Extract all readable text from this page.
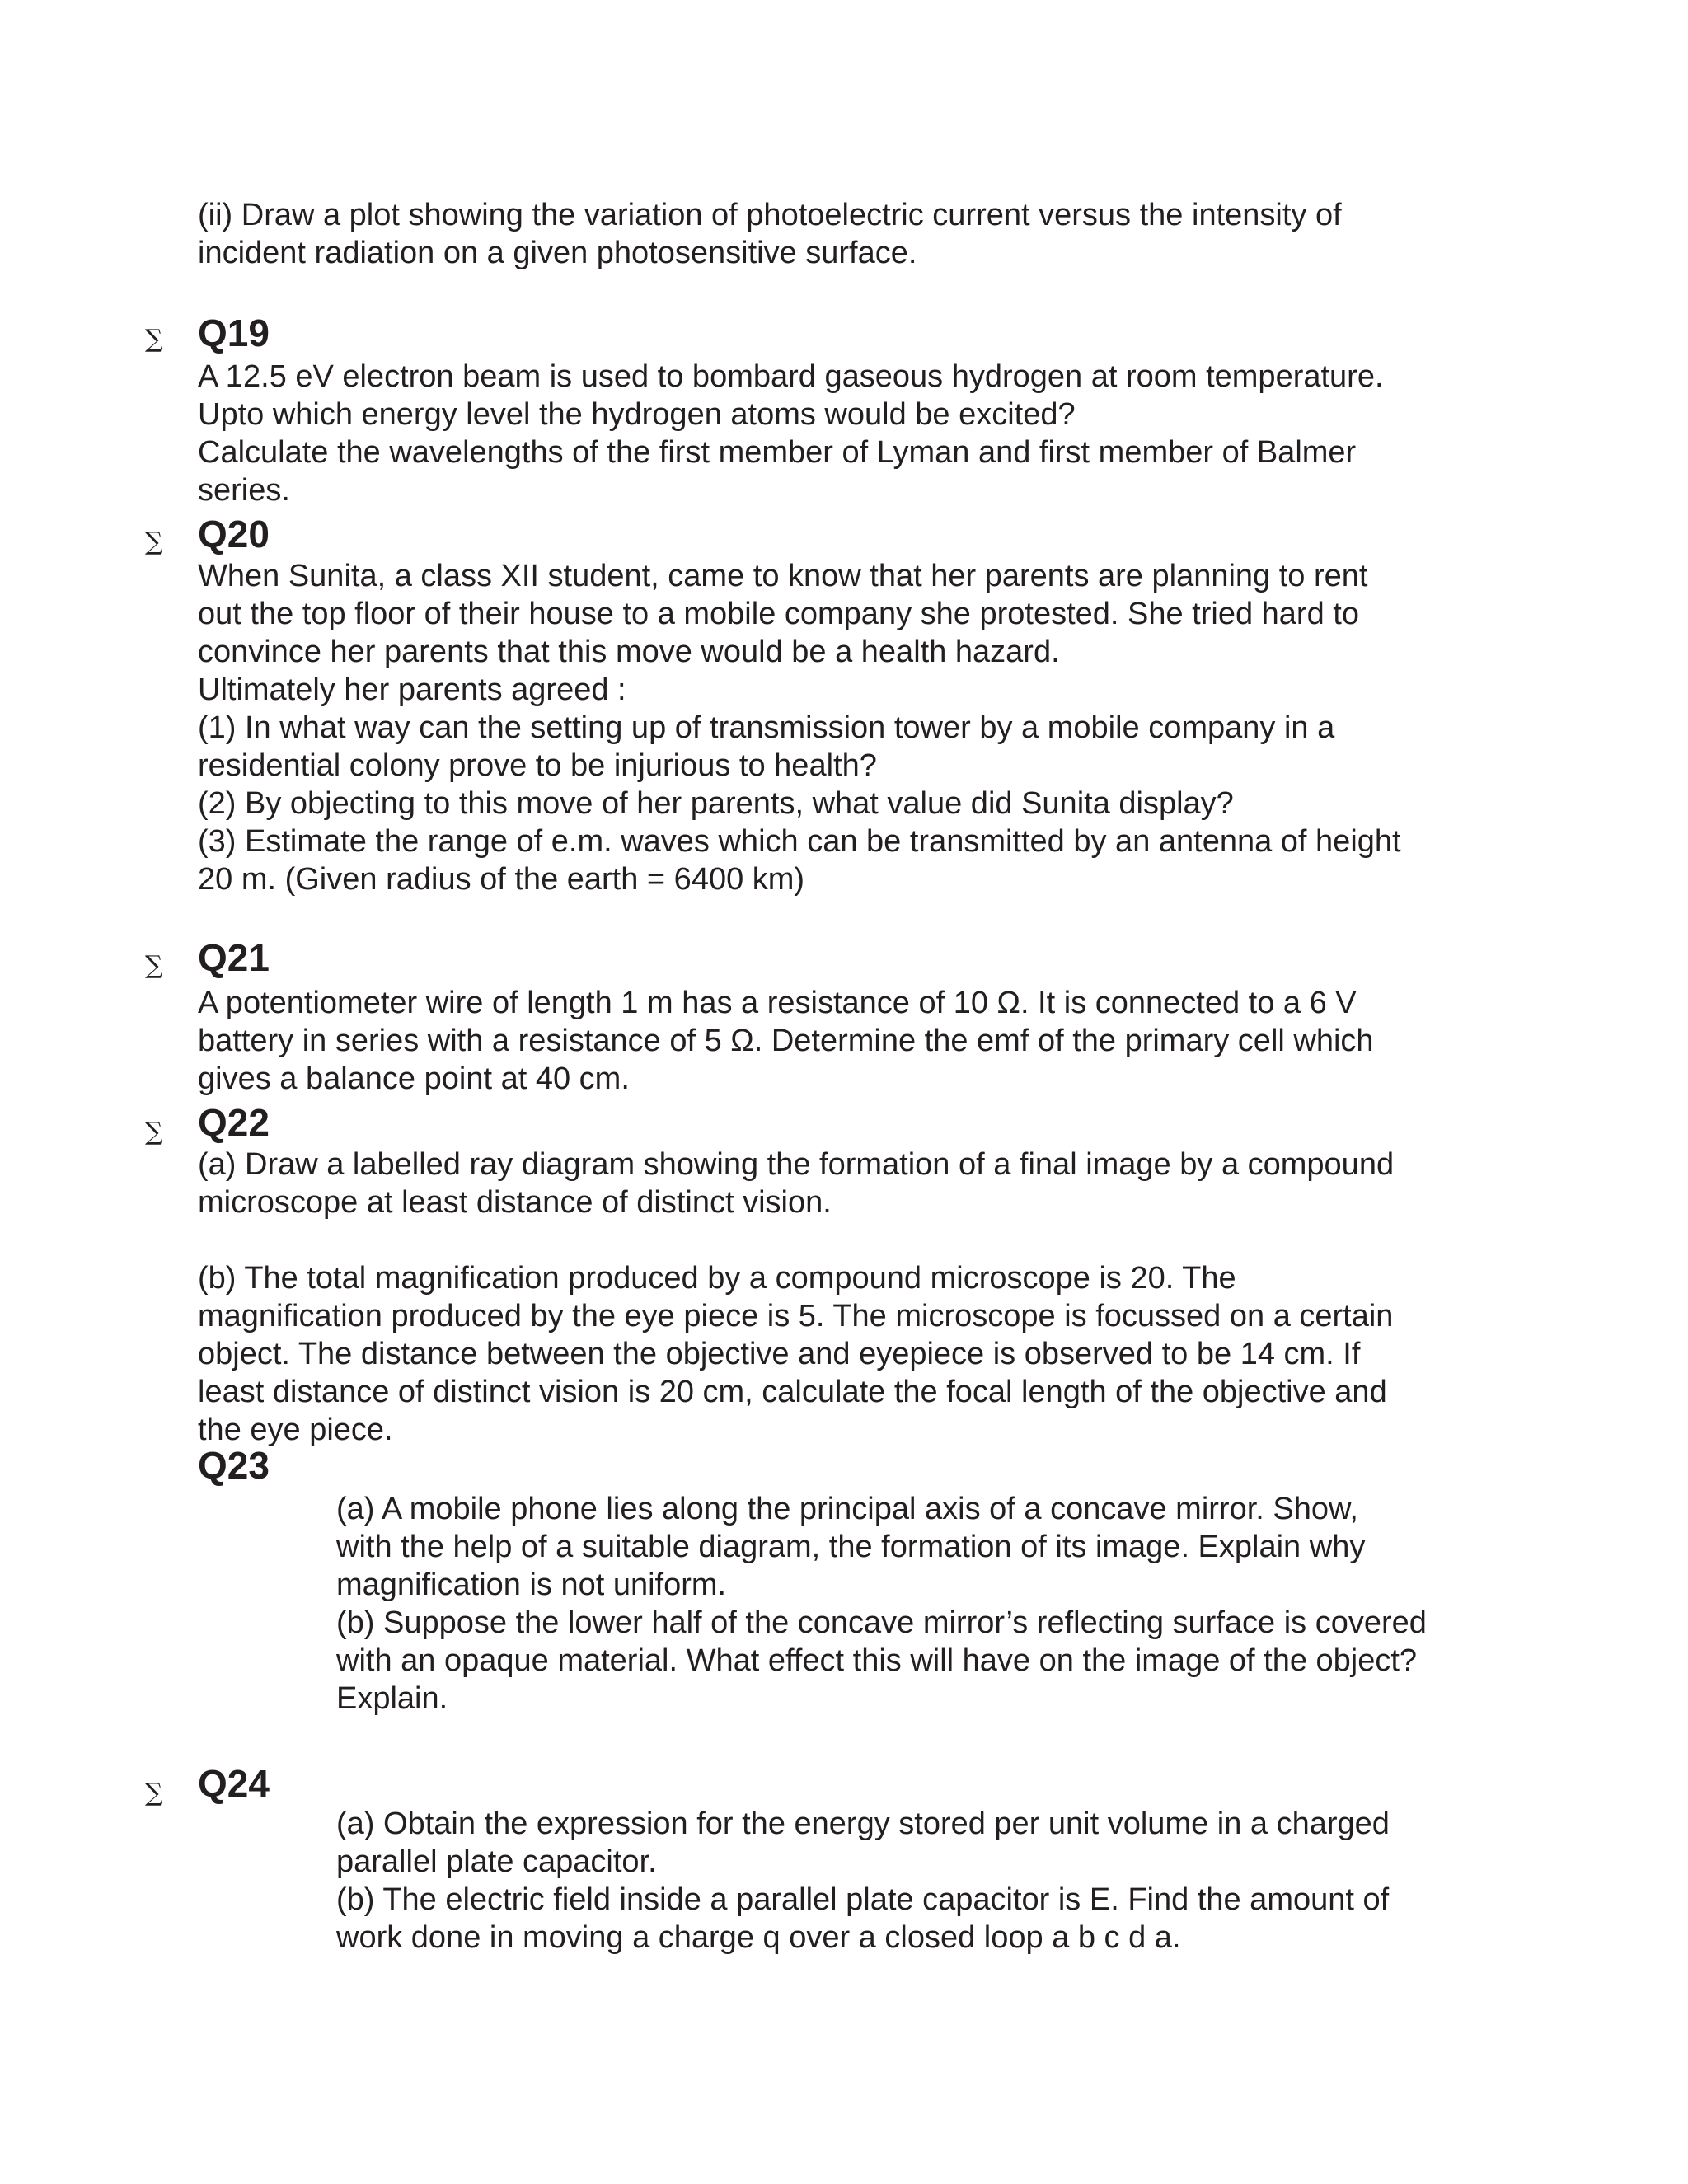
(ii) Draw a plot showing the variation of photoelectric current versus the intensity of
incident radiation on a given photosensitive surface.
∑ Q19
A 12.5 eV electron beam is used to bombard gaseous hydrogen at room temperature.
Upto which energy level the hydrogen atoms would be excited?
Calculate the wavelengths of the first member of Lyman and first member of Balmer
series.
∑ Q20
When Sunita, a class XII student, came to know that her parents are planning to rent
out the top floor of their house to a mobile company she protested. She tried hard to
convince her parents that this move would be a health hazard.
Ultimately her parents agreed :
(1) In what way can the setting up of transmission tower by a mobile company in a
residential colony prove to be injurious to health?
(2) By objecting to this move of her parents, what value did Sunita display?
(3) Estimate the range of e.m. waves which can be transmitted by an antenna of height
20 m. (Given radius of the earth = 6400 km)
∑ Q21
A potentiometer wire of length 1 m has a resistance of 10 Ω. It is connected to a 6 V
battery in series with a resistance of 5 Ω. Determine the emf of the primary cell which
gives a balance point at 40 cm.
∑ Q22
(a) Draw a labelled ray diagram showing the formation of a final image by a compound
microscope at least distance of distinct vision.
(b) The total magnification produced by a compound microscope is 20. The
magnification produced by the eye piece is 5. The microscope is focussed on a certain
object. The distance between the objective and eyepiece is observed to be 14 cm. If
least distance of distinct vision is 20 cm, calculate the focal length of the objective and
the eye piece.
Q23
(a) A mobile phone lies along the principal axis of a concave mirror. Show,
with the help of a suitable diagram, the formation of its image. Explain why
magnification is not uniform.
(b) Suppose the lower half of the concave mirror’s reflecting surface is covered
with an opaque material. What effect this will have on the image of the object?
Explain.
∑ Q24
(a) Obtain the expression for the energy stored per unit volume in a charged
parallel plate capacitor.
(b) The electric field inside a parallel plate capacitor is E. Find the amount of
work done in moving a charge q over a closed loop a b c d a.
